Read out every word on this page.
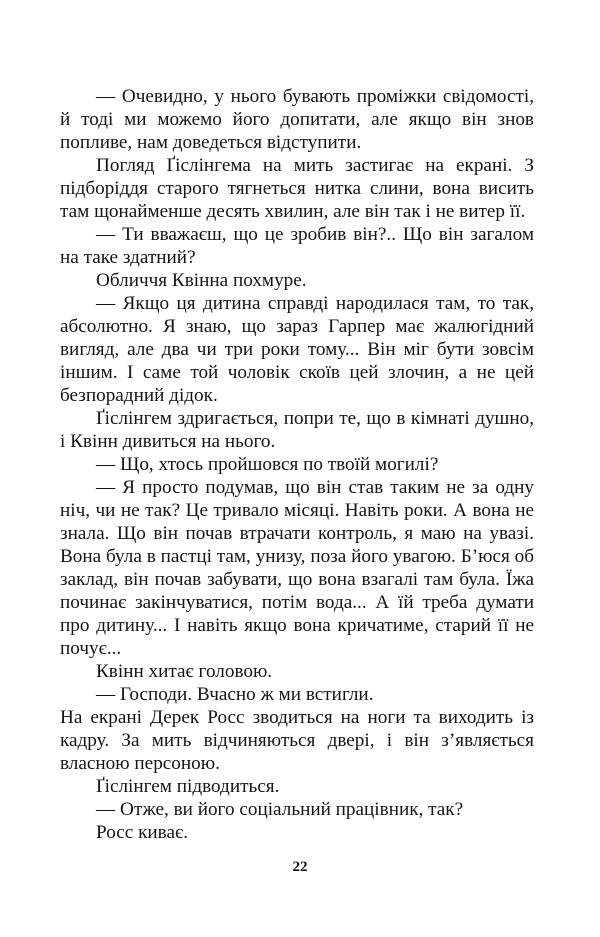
— Очевидно, у нього бувають проміжки свідомості, й тоді ми можемо його допитати, але якщо він знов попливе, нам доведеться відступити.

Погляд Ґіслінгема на мить застигає на екрані. З підборіддя старого тягнеться нитка слини, вона висить там щонайменше десять хвилин, але він так і не витер її.

— Ти вважаєш, що це зробив він?.. Що він загалом на таке здатний?

Обличчя Квінна похмуре.

— Якщо ця дитина справді народилася там, то так, абсолютно. Я знаю, що зараз Гарпер має жалюгідний вигляд, але два чи три роки тому... Він міг бути зовсім іншим. І саме той чоловік скоїв цей злочин, а не цей безпорадний дідок.

Ґіслінгем здригається, попри те, що в кімнаті душно, і Квінн дивиться на нього.

— Що, хтось пройшовся по твоїй могилі?

— Я просто подумав, що він став таким не за одну ніч, чи не так? Це тривало місяці. Навіть роки. А вона не знала. Що він почав втрачати контроль, я маю на увазі. Вона була в пастці там, унизу, поза його увагою. Б’юся об заклад, він почав забувати, що вона взагалі там була. Їжа починає закінчуватися, потім вода... А їй треба думати про дитину... І навіть якщо вона кричатиме, старий її не почує...

Квінн хитає головою.

— Господи. Вчасно ж ми встигли.

На екрані Дерек Росс зводиться на ноги та виходить із кадру. За мить відчиняються двері, і він з’являється власною персоною.

Ґіслінгем підводиться.

— Отже, ви його соціальний працівник, так?

Росс киває.

22
